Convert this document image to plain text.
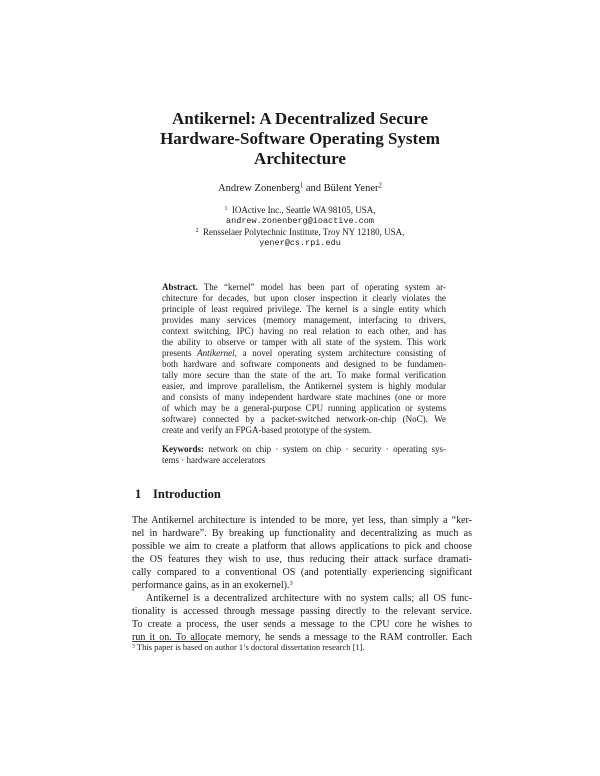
Antikernel: A Decentralized Secure
Hardware-Software Operating System
Architecture
Andrew Zonenberg$^1$ and Bülent Yener$^2$
$^1$ IOActive Inc., Seattle WA 98105, USA,
andrew.zonenberg@ioactive.com
$^2$ Rensselaer Polytechnic Institute, Troy NY 12180, USA,
yener@cs.rpi.edu
Abstract. The “kernel” model has been part of operating system ar-
chitecture for decades, but upon closer inspection it clearly violates the
principle of least required privilege. The kernel is a single entity which
provides many services (memory management, interfacing to drivers,
context switching, IPC) having no real relation to each other, and has
the ability to observe or tamper with all state of the system. This work
presents Antikernel, a novel operating system architecture consisting of
both hardware and software components and designed to be fundamen-
tally more secure than the state of the art. To make formal verification
easier, and improve parallelism, the Antikernel system is highly modular
and consists of many independent hardware state machines (one or more
of which may be a general-purpose CPU running application or systems
software) connected by a packet-switched network-on-chip (NoC). We
create and verify an FPGA-based prototype of the system.
Keywords: network on chip · system on chip · security · operating sys-
tems · hardware accelerators
1 Introduction
The Antikernel architecture is intended to be more, yet less, than simply a “ker-
nel in hardware”. By breaking up functionality and decentralizing as much as
possible we aim to create a platform that allows applications to pick and choose
the OS features they wish to use, thus reducing their attack surface dramati-
cally compared to a conventional OS (and potentially experiencing significant
performance gains, as in an exokernel).$^3$
Antikernel is a decentralized architecture with no system calls; all OS func-
tionality is accessed through message passing directly to the relevant service.
To create a process, the user sends a message to the CPU core he wishes to
run it on. To allocate memory, he sends a message to the RAM controller. Each
$^3$ This paper is based on author 1’s doctoral dissertation research [1].
